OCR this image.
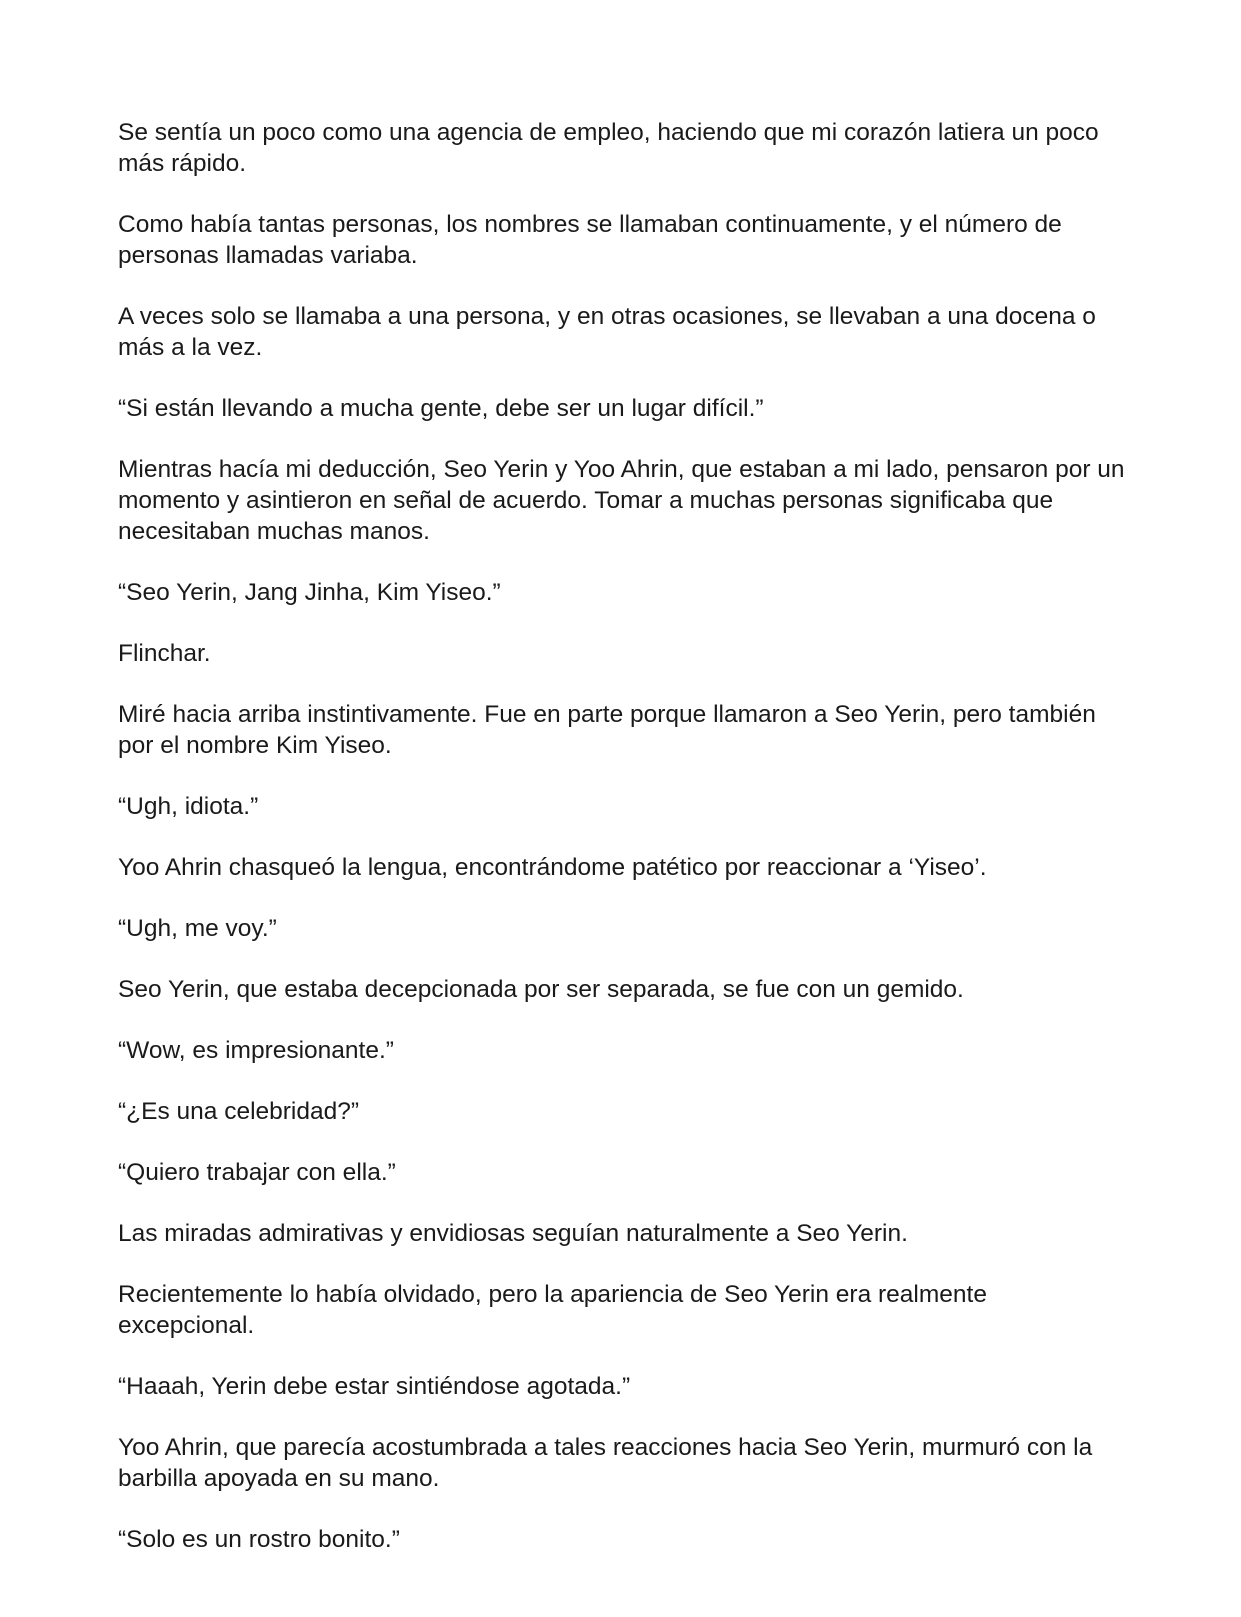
Se sentía un poco como una agencia de empleo, haciendo que mi corazón latiera un poco más rápido.

Como había tantas personas, los nombres se llamaban continuamente, y el número de personas llamadas variaba.

A veces solo se llamaba a una persona, y en otras ocasiones, se llevaban a una docena o más a la vez.

“Si están llevando a mucha gente, debe ser un lugar difícil.”

Mientras hacía mi deducción, Seo Yerin y Yoo Ahrin, que estaban a mi lado, pensaron por un momento y asintieron en señal de acuerdo. Tomar a muchas personas significaba que necesitaban muchas manos.

“Seo Yerin, Jang Jinha, Kim Yiseo.”

Flinchar.

Miré hacia arriba instintivamente. Fue en parte porque llamaron a Seo Yerin, pero también por el nombre Kim Yiseo.

“Ugh, idiota.”

Yoo Ahrin chasqueó la lengua, encontrándome patético por reaccionar a ‘Yiseo’.

“Ugh, me voy.”

Seo Yerin, que estaba decepcionada por ser separada, se fue con un gemido.

“Wow, es impresionante.”

“¿Es una celebridad?”

“Quiero trabajar con ella.”

Las miradas admirativas y envidiosas seguían naturalmente a Seo Yerin.

Recientemente lo había olvidado, pero la apariencia de Seo Yerin era realmente excepcional.

“Haaah, Yerin debe estar sintiéndose agotada.”

Yoo Ahrin, que parecía acostumbrada a tales reacciones hacia Seo Yerin, murmuró con la barbilla apoyada en su mano.

“Solo es un rostro bonito.”
